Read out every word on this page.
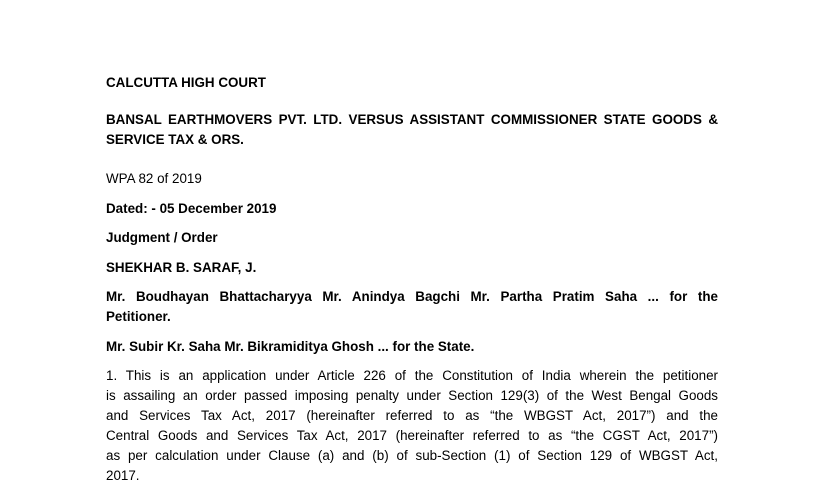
CALCUTTA HIGH COURT
BANSAL EARTHMOVERS PVT. LTD. VERSUS ASSISTANT COMMISSIONER STATE GOODS &
SERVICE TAX & ORS.
WPA 82 of 2019
Dated: - 05 December 2019
Judgment / Order
SHEKHAR B. SARAF, J.
Mr. Boudhayan Bhattacharyya Mr. Anindya Bagchi Mr. Partha Pratim Saha ... for the
Petitioner.
Mr. Subir Kr. Saha Mr. Bikramiditya Ghosh ... for the State.
1. This is an application under Article 226 of the Constitution of India wherein the petitioner
is assailing an order passed imposing penalty under Section 129(3) of the West Bengal Goods
and Services Tax Act, 2017 (hereinafter referred to as “the WBGST Act, 2017”) and the
Central Goods and Services Tax Act, 2017 (hereinafter referred to as “the CGST Act, 2017”)
as per calculation under Clause (a) and (b) of sub-Section (1) of Section 129 of WBGST Act,
2017.
